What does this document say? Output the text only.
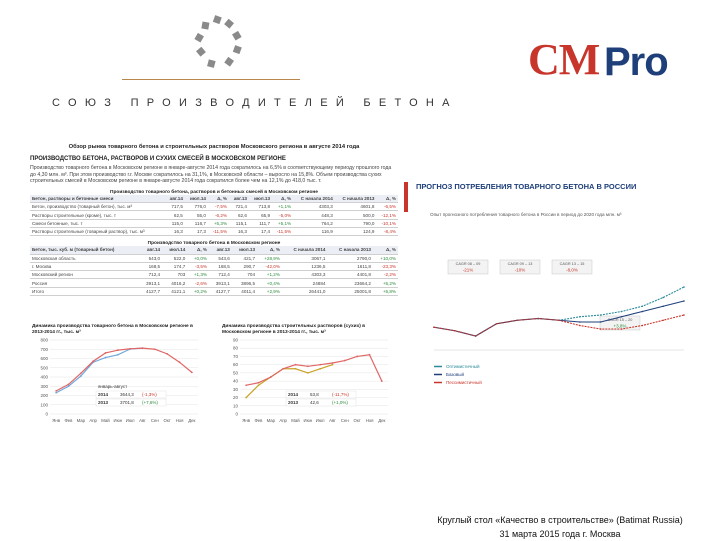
СОЮЗ ПРОИЗВОДИТЕЛЕЙ БЕТОНА
CM Pro
Обзор рынка товарного бетона и строительных растворов Московского региона в августе 2014 года
ПРОИЗВОДСТВО БЕТОНА, РАСТВОРОВ И СУХИХ СМЕСЕЙ В МОСКОВСКОМ РЕГИОНЕ
Производство товарного бетона в Московском регионе в январе-августе 2014 года сократилось на 6,5% в соответствующему периоду прошлого года до 4,30 млн. м³. При этом производство г.г. Москве сократилось на 31,1%, в Московской области – выросло на 15,8%. Объем производства сухих строительных смесей в Московском регионе в январе-августе 2014 года сократился более чем на 12,1% до 418,0 тыс. т.
Производство товарного бетона, растворов и бетонных смесей в Московском регионе
Бетон, растворы и бетонные смеси	авг.14	июл.14	Δ, %	авг.13	июл.13	Δ, %	С начала 2014	С начала 2013	Δ, %
Бетон, производство (товарный бетон), тыс. м³	717,5	776,0	-7,5%	721,4	713,8	+1,1%	4303,3	4601,8	-6,5%
Растворы строительные (кроме), тыс. т	62,5	55,0	-6,2%	62,6	65,9	-5,0%	448,3	500,0	-12,1%
Смеси бетонные, тыс. т	115,0	116,7	+5,3%	115,1	111,7	+5,1%	764,2	790,0	-10,1%
Растворы строительные (товарный раствор), тыс. м³	16,3	17,3	-11,5%	16,3	17,4	-11,5%	116,9	124,9	-8,4%
Производство товарного бетона в Московском регионе
Бетон, тыс. куб. м (товарный бетон)	авг.14	июл.14	Δ, %	авг.13	июл.13	Δ, %	С начала 2014	С начала 2013	Δ, %
Московская область	543,0	522,0	+0,0%	543,6	421,7	+28,9%	3067,1	2790,0	+10,0%
г. Москва	168,5	174,7	-3,5%	168,5	290,7	-42,0%	1236,5	1611,8	-23,3%
Московский регион	712,4	703	+1,3%	712,4	704	+1,2%	4303,3	4401,8	-2,2%
Россия	3913,1	4016,2	-2,6%	3913,1	3896,5	+0,4%	24884	23664,2	+5,2%
Итого	4127,7	4121,1	+0,2%	4127,7	4011,4	+2,9%	26441,0	25001,8	+5,8%
Динамика производства товарного бетона в Московском регионе в 2013-2014 гг., тыс. м³
0
100
200
300
400
500
600
700
800
Янв Фев Мар Апр Май Июн Июл Авг Сен Окт Ноя Дек
январь-август
2014	3644,3 (-1,3%)
2013	3701,8 (+7,6%)
Динамика производства строительных растворов (сухих) в Московском регионе в 2013-2014 гг., тыс. м³
0
10
20
30
40
50
60
70
80
90
Янв Фев Мар Апр Май Июн Июл Авг Сен Окт Ноя Дек
2014	53,8	(-11,7%)
2013	42,6	(+1,0%)
ПРОГНОЗ ПОТРЕБЛЕНИЯ ТОВАРНОГО БЕТОНА В РОССИИ
Опыт прогнозного потребления товарного бетона в России в период до 2020 года млн. м³
CAGR 08 – 09
-21%
CAGR 09 – 13
-10%
CAGR 13 – 15
-8,0%
CAGR 15 – 20
+3,8%
Оптимистичный
Базовый
Пессимистичный
Круглый стол «Качество в строительстве» (Batimat Russia)
31 марта 2015 года г. Москва
